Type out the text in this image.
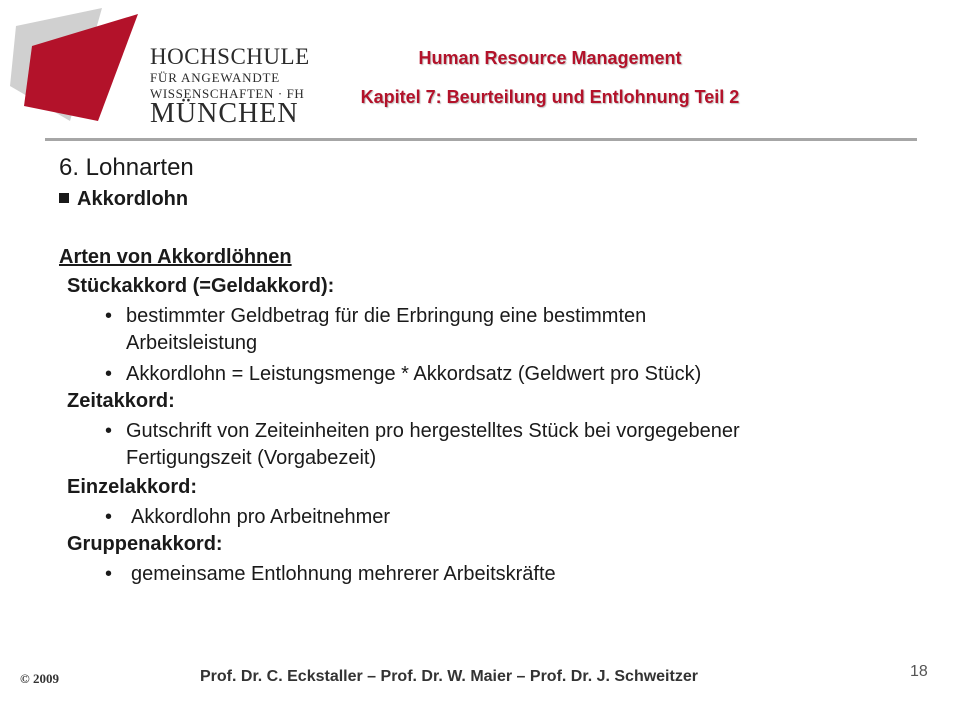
HOCHSCHULE
FÜR ANGEWANDTE
WISSENSCHAFTEN · FH
MÜNCHEN
Human Resource Management
Kapitel 7: Beurteilung und Entlohnung Teil 2
6. Lohnarten
Akkordlohn
Arten von Akkordlöhnen
Stückakkord (=Geldakkord):
• bestimmter Geldbetrag für die Erbringung eine bestimmten
Arbeitsleistung
• Akkordlohn = Leistungsmenge * Akkordsatz (Geldwert pro Stück)
Zeitakkord:
• Gutschrift von Zeiteinheiten pro hergestelltes Stück bei vorgegebener
Fertigungszeit (Vorgabezeit)
Einzelakkord:
• Akkordlohn pro Arbeitnehmer
Gruppenakkord:
• gemeinsame Entlohnung mehrerer Arbeitskräfte
© 2009	Prof. Dr. C. Eckstaller – Prof. Dr. W. Maier – Prof. Dr. J. Schweitzer	18
